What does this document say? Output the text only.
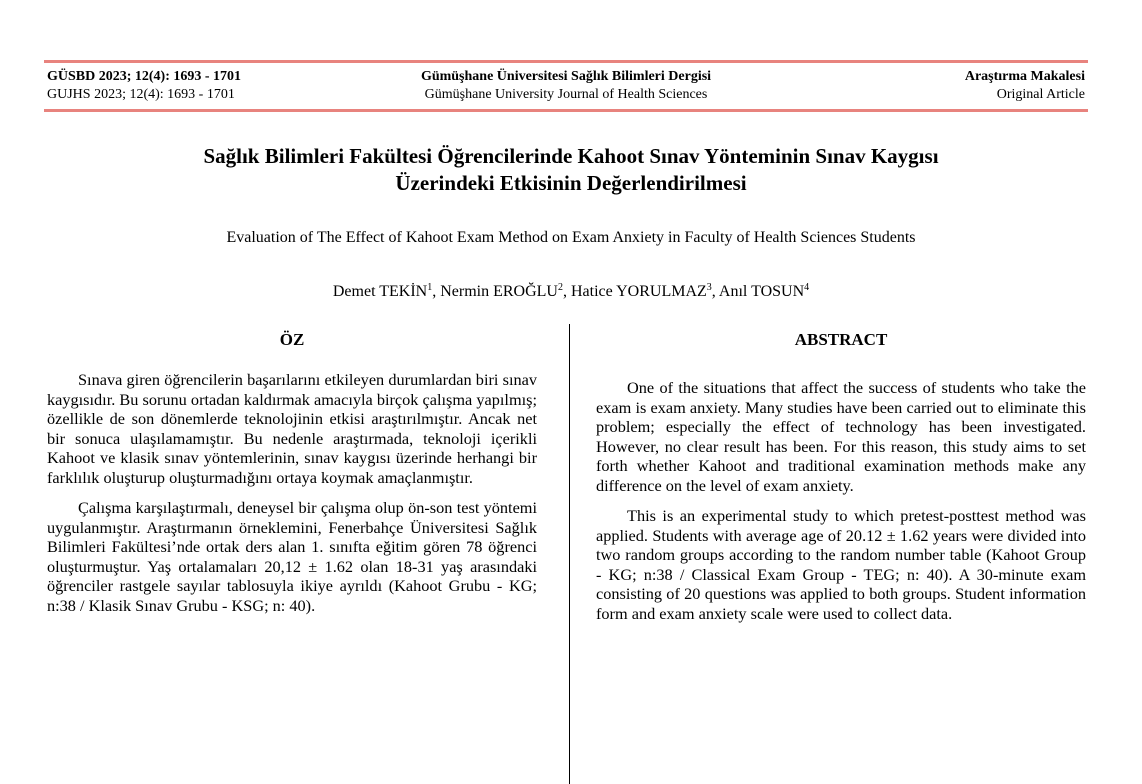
GÜSBD 2023; 12(4): 1693 - 1701	Gümüşhane Üniversitesi Sağlık Bilimleri Dergisi	Araştırma Makalesi
GUJHS 2023; 12(4): 1693 - 1701	Gümüşhane University Journal of Health Sciences	Original Article
Sağlık Bilimleri Fakültesi Öğrencilerinde Kahoot Sınav Yönteminin Sınav Kaygısı
Üzerindeki Etkisinin Değerlendirilmesi
Evaluation of The Effect of Kahoot Exam Method on Exam Anxiety in Faculty of Health Sciences Students
Demet TEKİN$^1$, Nermin EROĞLU$^2$, Hatice YORULMAZ$^3$, Anıl TOSUN$^4$
ÖZ

Sınava giren öğrencilerin başarılarını etkileyen durumlardan biri sınav kaygısıdır. Bu sorunu ortadan kaldırmak amacıyla birçok çalışma yapılmış; özellikle de son dönemlerde teknolojinin etkisi araştırılmıştır. Ancak net bir sonuca ulaşılamamıştır. Bu nedenle araştırmada, teknoloji içerikli Kahoot ve klasik sınav yöntemlerinin, sınav kaygısı üzerinde herhangi bir farklılık oluşturup oluşturmadığını ortaya koymak amaçlanmıştır.

Çalışma karşılaştırmalı, deneysel bir çalışma olup ön-son test yöntemi uygulanmıştır. Araştırmanın örneklemini, Fenerbahçe Üniversitesi Sağlık Bilimleri Fakültesi’nde ortak ders alan 1. sınıfta eğitim gören 78 öğrenci oluşturmuştur. Yaş ortalamaları 20,12 ± 1.62 olan 18-31 yaş arasındaki öğrenciler rastgele sayılar tablosuyla ikiye ayrıldı (Kahoot Grubu - KG; n:38 / Klasik Sınav Grubu - KSG; n: 40).

ABSTRACT

One of the situations that affect the success of students who take the exam is exam anxiety. Many studies have been carried out to eliminate this problem; especially the effect of technology has been investigated. However, no clear result has been. For this reason, this study aims to set forth whether Kahoot and traditional examination methods make any difference on the level of exam anxiety.

This is an experimental study to which pretest-posttest method was applied. Students with average age of 20.12 ± 1.62 years were divided into two random groups according to the random number table (Kahoot Group - KG; n:38 / Classical Exam Group - TEG; n: 40). A 30-minute exam consisting of 20 questions was applied to both groups. Student information form and exam anxiety scale were used to collect data.
